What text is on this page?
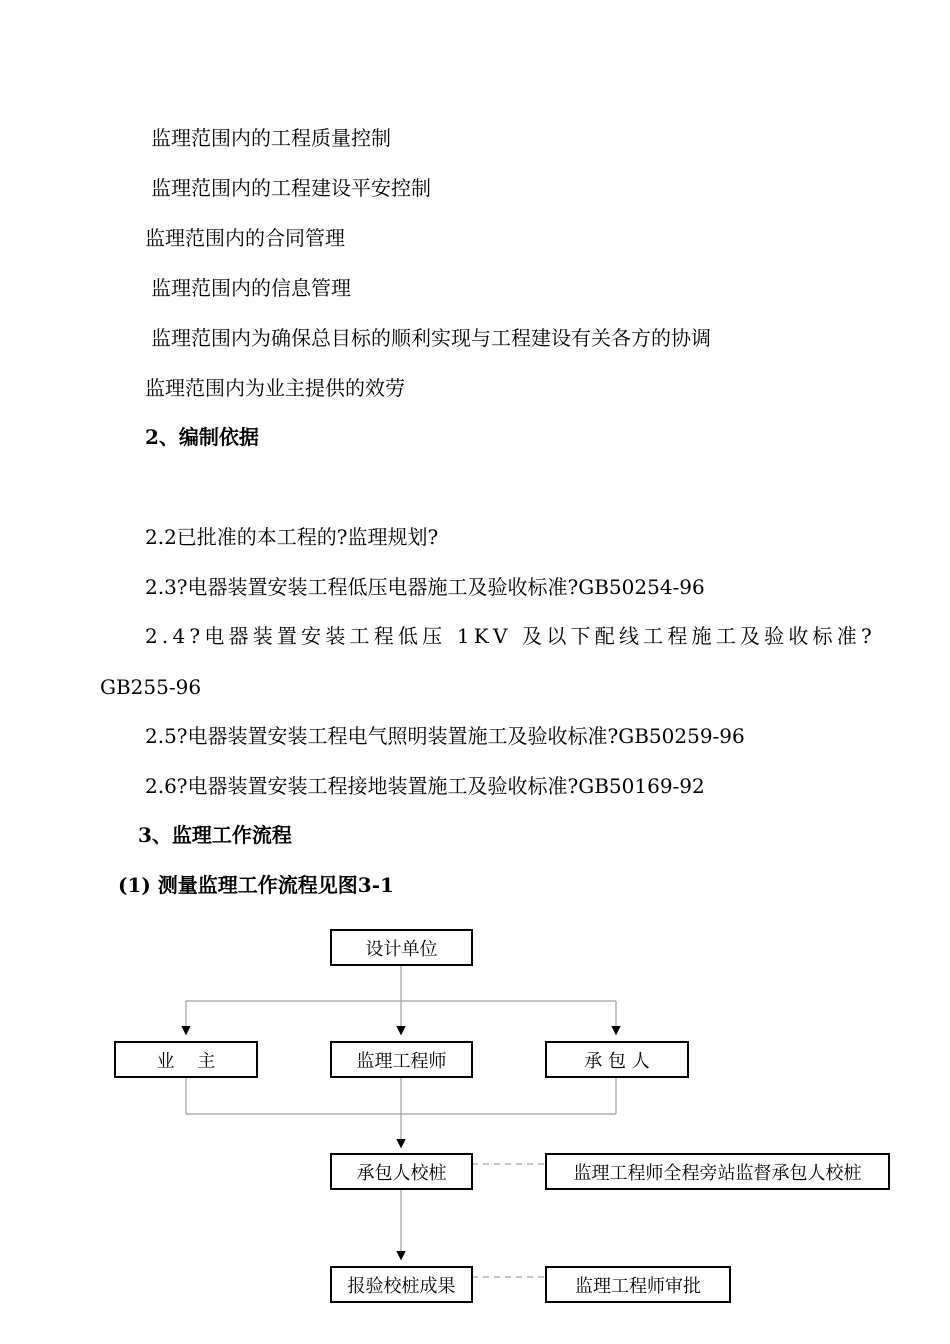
监理范围内的工程质量控制
监理范围内的工程建设平安控制
监理范围内的合同管理
监理范围内的信息管理
监理范围内为确保总目标的顺利实现与工程建设有关各方的协调
监理范围内为业主提供的效劳
2、编制依据
2.2已批准的本工程的?监理规划?
2.3?电器装置安装工程低压电器施工及验收标准?GB50254-96
2.4?电器装置安装工程低压 1KV 及以下配线工程施工及验收标准?
GB255-96
2.5?电器装置安装工程电气照明装置施工及验收标准?GB50259-96
2.6?电器装置安装工程接地装置施工及验收标准?GB50169-92
3、监理工作流程
(1) 测量监理工作流程见图3-1
设计单位
业    主	监理工程师	承 包 人
承包人校桩	监理工程师全程旁站监督承包人校桩
报验校桩成果	监理工程师审批
